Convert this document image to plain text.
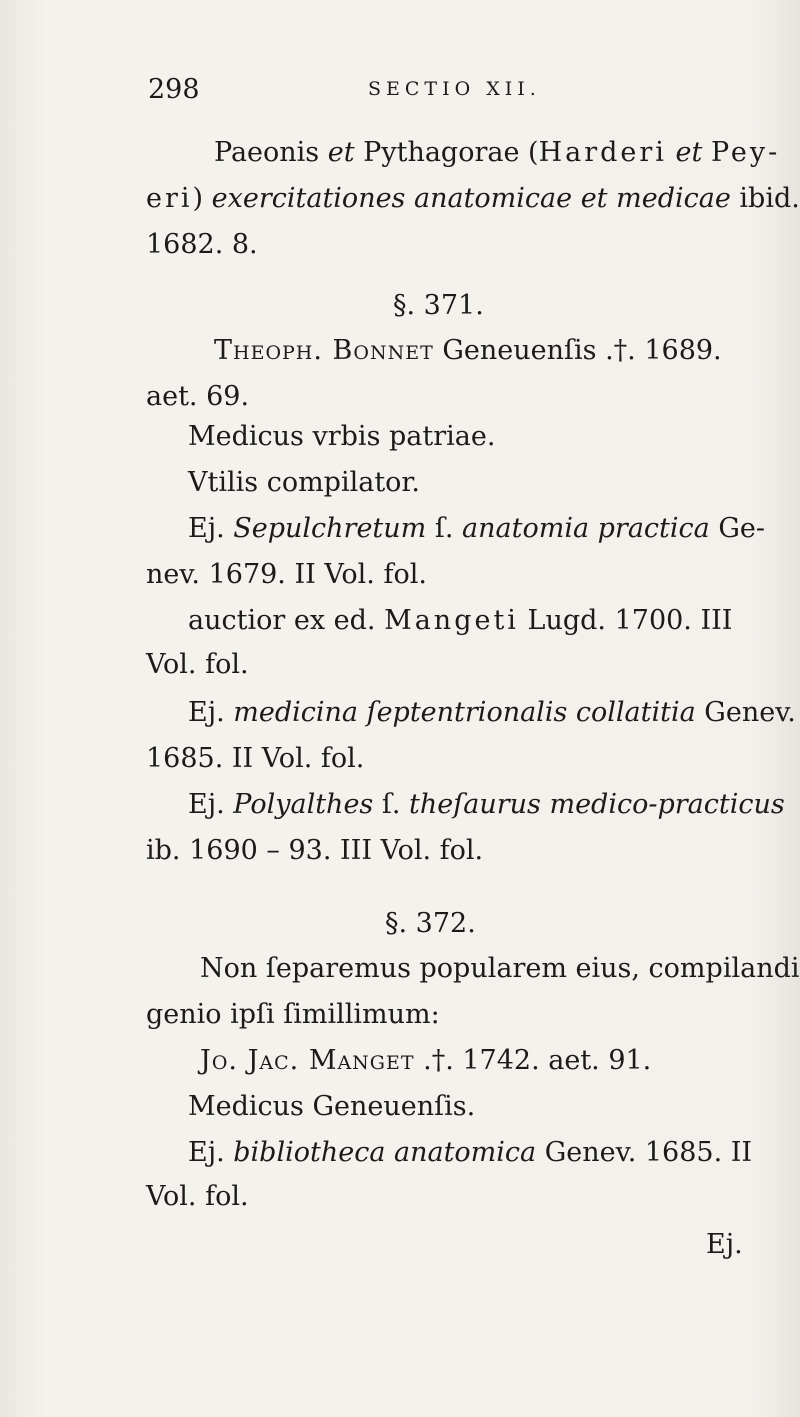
298	SECTIO XII.
Paeonis et Pythagorae (Harderi et Pey-
eri) exercitationes anatomicae et medicae ibid.
1682. 8.
§. 371.
Theoph. Bonnet Geneuenſis .†. 1689.
aet. 69.
Medicus vrbis patriae.
Vtilis compilator.
Ej. Sepulchretum ſ. anatomia practica Ge-
nev. 1679. II Vol. fol.
auctior ex ed. Mangeti Lugd. 1700. III
Vol. fol.
Ej. medicina ſeptentrionalis collatitia Genev.
1685. II Vol. fol.
Ej. Polyalthes ſ. theſaurus medico-practicus
ib. 1690 – 93. III Vol. fol.
§. 372.
Non ſeparemus popularem eius, compilandi
genio ipſi ſimillimum:
Jo. Jac. Manget .†. 1742. aet. 91.
Medicus Geneuenſis.
Ej. bibliotheca anatomica Genev. 1685. II
Vol. fol.
Ej.
